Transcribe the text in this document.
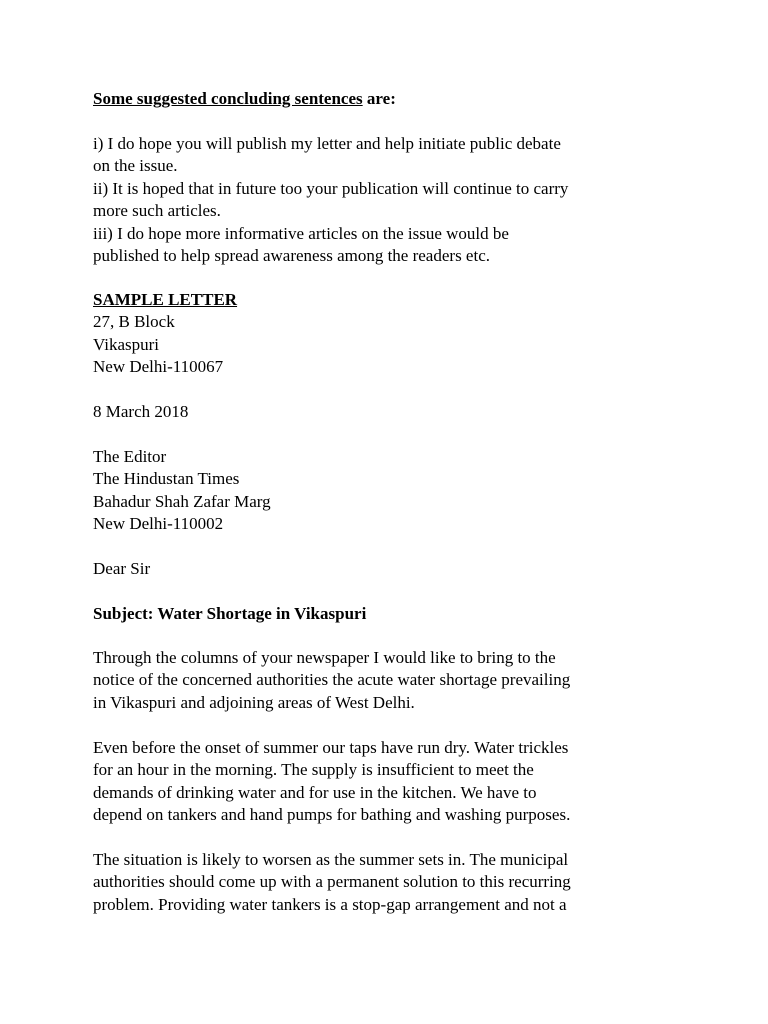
Some suggested concluding sentences are:

i) I do hope you will publish my letter and help initiate public debate
on the issue.
ii) It is hoped that in future too your publication will continue to carry
more such articles.
iii) I do hope more informative articles on the issue would be
published to help spread awareness among the readers etc.
SAMPLE LETTER
27, B Block
Vikaspuri
New Delhi-110067

8 March 2018

The Editor
The Hindustan Times
Bahadur Shah Zafar Marg
New Delhi-110002

Dear Sir

Subject: Water Shortage in Vikaspuri

Through the columns of your newspaper I would like to bring to the
notice of the concerned authorities the acute water shortage prevailing
in Vikaspuri and adjoining areas of West Delhi.
Even before the onset of summer our taps have run dry. Water trickles
for an hour in the morning. The supply is insufficient to meet the
demands of drinking water and for use in the kitchen. We have to
depend on tankers and hand pumps for bathing and washing purposes.
The situation is likely to worsen as the summer sets in. The municipal
authorities should come up with a permanent solution to this recurring
problem. Providing water tankers is a stop-gap arrangement and not a
